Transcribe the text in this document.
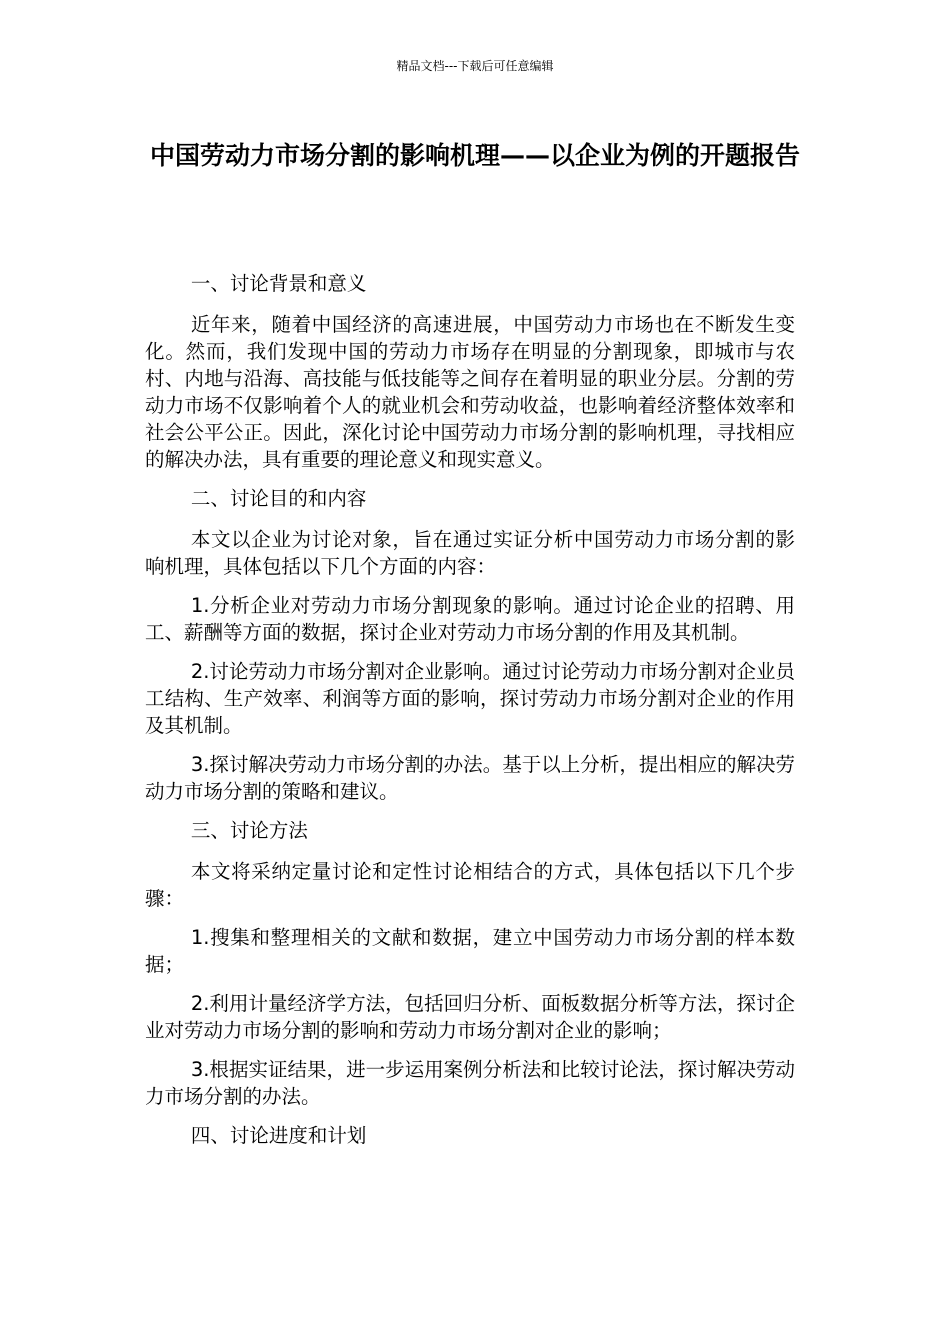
精品文档---下载后可任意编辑
中国劳动力市场分割的影响机理——以企业为例的开题报告

一、讨论背景和意义

近年来，随着中国经济的高速进展，中国劳动力市场也在不断发生变化。然而，我们发现中国的劳动力市场存在明显的分割现象，即城市与农村、内地与沿海、高技能与低技能等之间存在着明显的职业分层。分割的劳动力市场不仅影响着个人的就业机会和劳动收益，也影响着经济整体效率和社会公平公正。因此，深化讨论中国劳动力市场分割的影响机理，寻找相应的解决办法，具有重要的理论意义和现实意义。

二、讨论目的和内容

本文以企业为讨论对象，旨在通过实证分析中国劳动力市场分割的影响机理，具体包括以下几个方面的内容：

1.分析企业对劳动力市场分割现象的影响。通过讨论企业的招聘、用工、薪酬等方面的数据，探讨企业对劳动力市场分割的作用及其机制。

2.讨论劳动力市场分割对企业影响。通过讨论劳动力市场分割对企业员工结构、生产效率、利润等方面的影响，探讨劳动力市场分割对企业的作用及其机制。

3.探讨解决劳动力市场分割的办法。基于以上分析，提出相应的解决劳动力市场分割的策略和建议。

三、讨论方法

本文将采纳定量讨论和定性讨论相结合的方式，具体包括以下几个步骤：

1.搜集和整理相关的文献和数据，建立中国劳动力市场分割的样本数据；

2.利用计量经济学方法，包括回归分析、面板数据分析等方法，探讨企业对劳动力市场分割的影响和劳动力市场分割对企业的影响；

3.根据实证结果，进一步运用案例分析法和比较讨论法，探讨解决劳动力市场分割的办法。

四、讨论进度和计划
